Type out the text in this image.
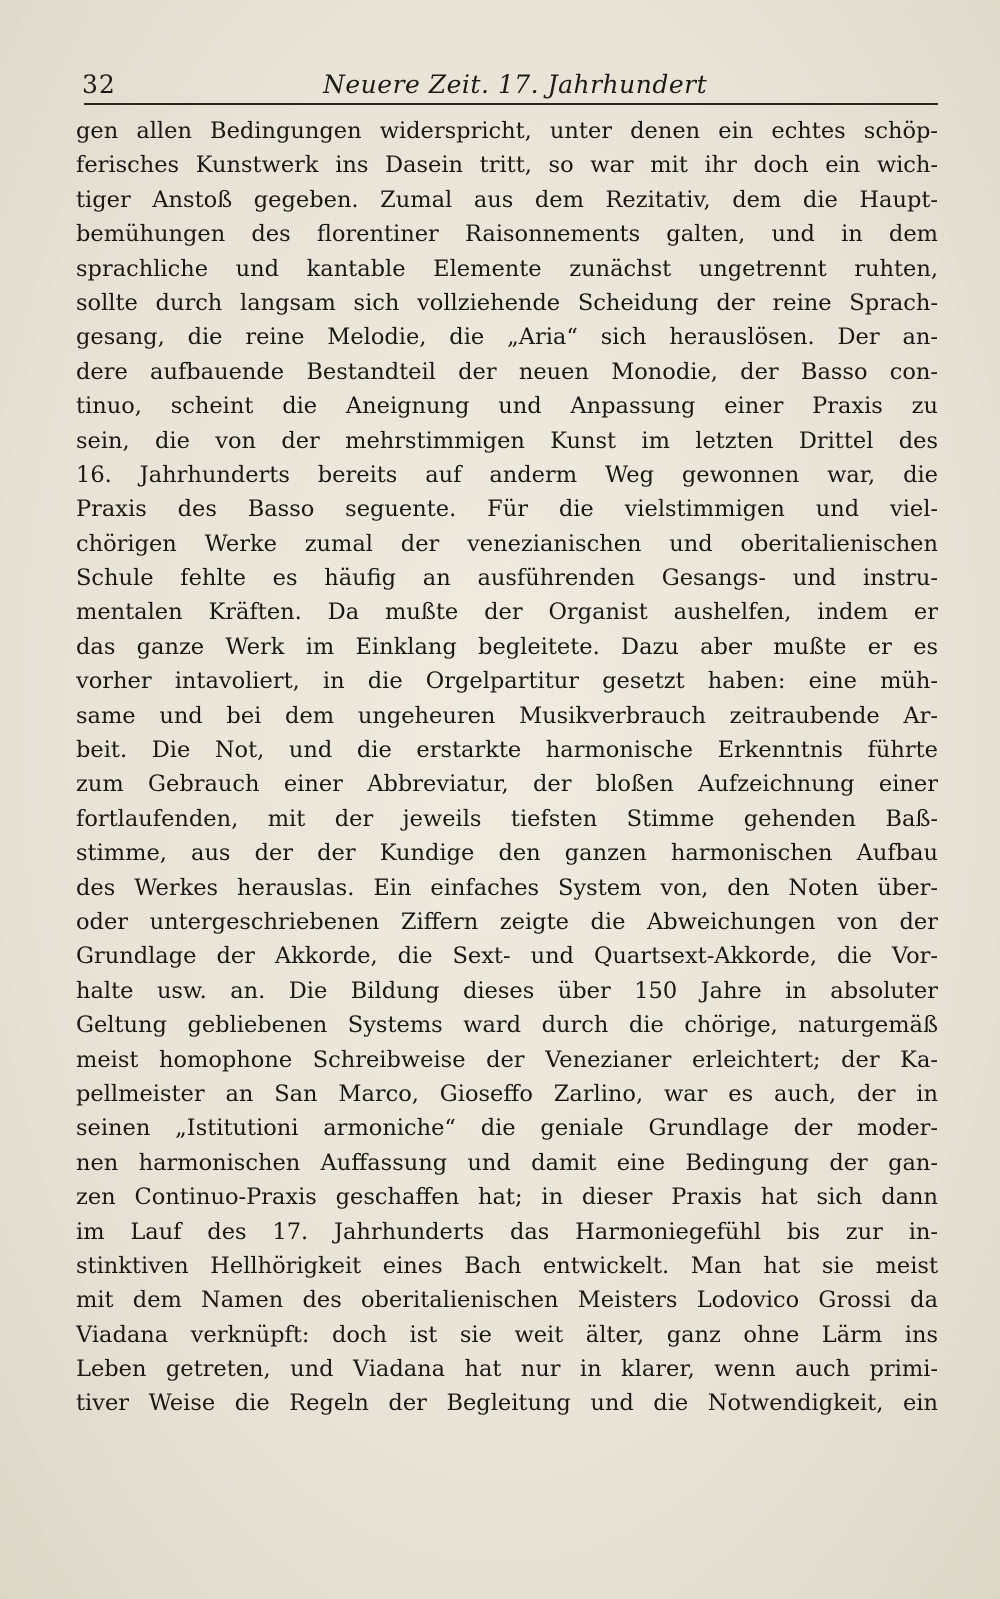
32	Neuere Zeit. 17. Jahrhundert
gen allen Bedingungen widerspricht, unter denen ein echtes schöp-
ferisches Kunstwerk ins Dasein tritt, so war mit ihr doch ein wich-
tiger Anstoß gegeben. Zumal aus dem Rezitativ, dem die Haupt-
bemühungen des florentiner Raisonnements galten, und in dem
sprachliche und kantable Elemente zunächst ungetrennt ruhten,
sollte durch langsam sich vollziehende Scheidung der reine Sprach-
gesang, die reine Melodie, die „Aria“ sich herauslösen. Der an-
dere aufbauende Bestandteil der neuen Monodie, der Basso con-
tinuo, scheint die Aneignung und Anpassung einer Praxis zu
sein, die von der mehrstimmigen Kunst im letzten Drittel des
16. Jahrhunderts bereits auf anderm Weg gewonnen war, die
Praxis des Basso seguente. Für die vielstimmigen und viel-
chörigen Werke zumal der venezianischen und oberitalienischen
Schule fehlte es häufig an ausführenden Gesangs- und instru-
mentalen Kräften. Da mußte der Organist aushelfen, indem er
das ganze Werk im Einklang begleitete. Dazu aber mußte er es
vorher intavoliert, in die Orgelpartitur gesetzt haben: eine müh-
same und bei dem ungeheuren Musikverbrauch zeitraubende Ar-
beit. Die Not, und die erstarkte harmonische Erkenntnis führte
zum Gebrauch einer Abbreviatur, der bloßen Aufzeichnung einer
fortlaufenden, mit der jeweils tiefsten Stimme gehenden Baß-
stimme, aus der der Kundige den ganzen harmonischen Aufbau
des Werkes herauslas. Ein einfaches System von, den Noten über-
oder untergeschriebenen Ziffern zeigte die Abweichungen von der
Grundlage der Akkorde, die Sext- und Quartsext-Akkorde, die Vor-
halte usw. an. Die Bildung dieses über 150 Jahre in absoluter
Geltung gebliebenen Systems ward durch die chörige, naturgemäß
meist homophone Schreibweise der Venezianer erleichtert; der Ka-
pellmeister an San Marco, Gioseffo Zarlino, war es auch, der in
seinen „Istitutioni armoniche“ die geniale Grundlage der moder-
nen harmonischen Auffassung und damit eine Bedingung der gan-
zen Continuo-Praxis geschaffen hat; in dieser Praxis hat sich dann
im Lauf des 17. Jahrhunderts das Harmoniegefühl bis zur in-
stinktiven Hellhörigkeit eines Bach entwickelt. Man hat sie meist
mit dem Namen des oberitalienischen Meisters Lodovico Grossi da
Viadana verknüpft: doch ist sie weit älter, ganz ohne Lärm ins
Leben getreten, und Viadana hat nur in klarer, wenn auch primi-
tiver Weise die Regeln der Begleitung und die Notwendigkeit, ein
